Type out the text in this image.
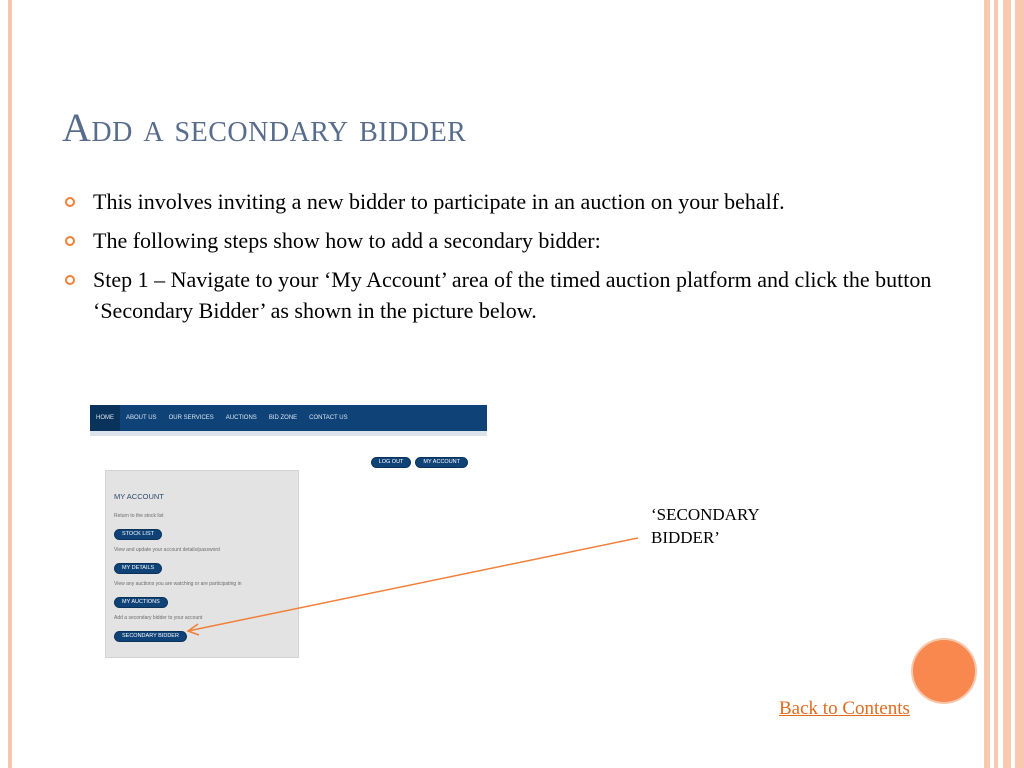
Add a secondary bidder
This involves inviting a new bidder to participate in an auction on your behalf.
The following steps show how to add a secondary bidder:
Step 1 – Navigate to your ‘My Account’ area of the timed auction platform and click the button ‘Secondary Bidder’ as shown in the picture below.
HOME	ABOUT US	OUR SERVICES	AUCTIONS	BID ZONE	CONTACT US
LOG OUT	MY ACCOUNT
MY ACCOUNT
Return to the stock list
STOCK LIST
View and update your account details/password
MY DETAILS
View any auctions you are watching or are participating in
MY AUCTIONS
Add a secondary bidder to your account
SECONDARY BIDDER
‘SECONDARY
BIDDER’
Back to Contents
